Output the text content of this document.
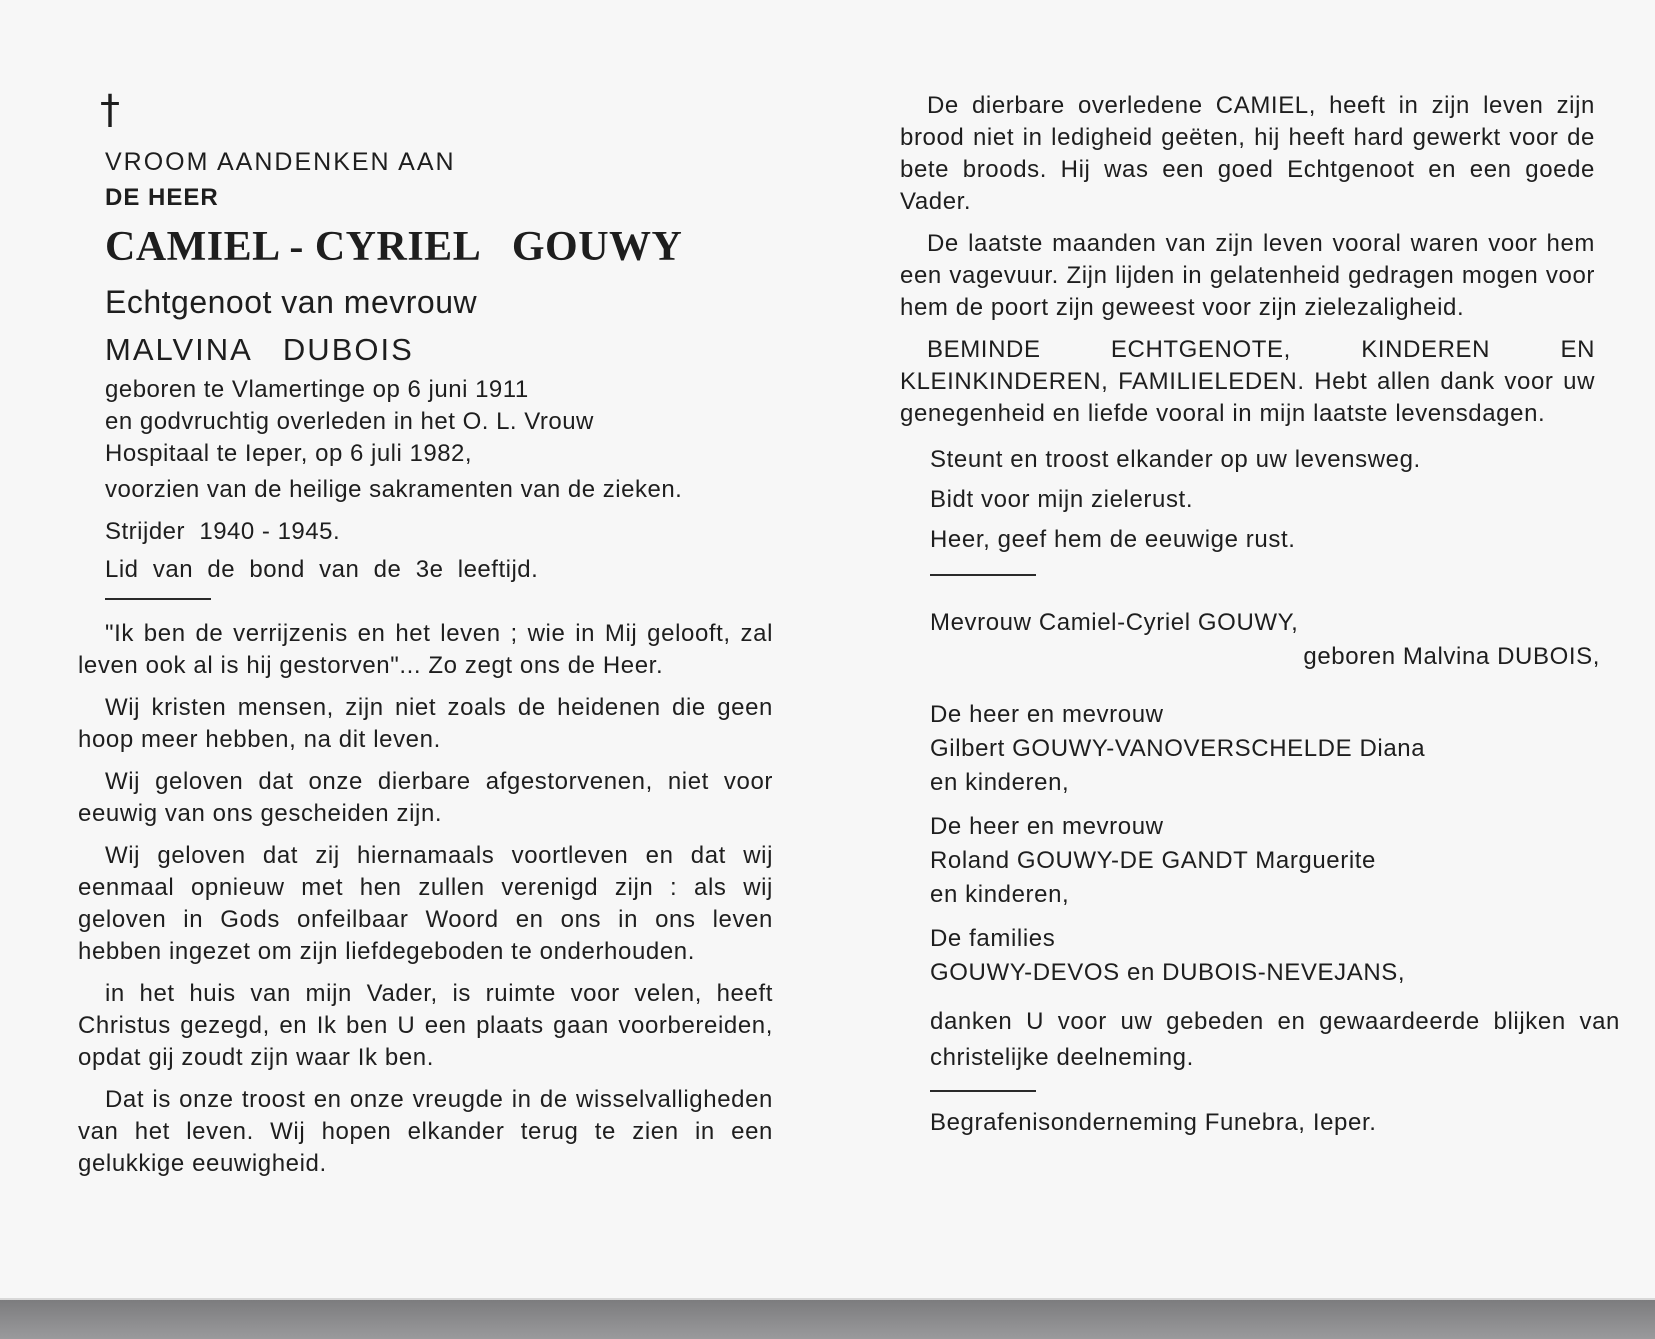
†
VROOM AANDENKEN AAN
DE HEER
CAMIEL - CYRIEL   GOUWY
Echtgenoot van mevrouw
MALVINA   DUBOIS
geboren te Vlamertinge op 6 juni 1911
en godvruchtig overleden in het O. L. Vrouw
Hospitaal te Ieper, op 6 juli 1982,
voorzien van de heilige sakramenten van de zieken.
Strijder  1940 - 1945.
Lid  van  de  bond  van  de  3e  leeftijd.
"Ik ben de verrijzenis en het leven ; wie in Mij gelooft, zal leven ook al is hij gestorven"... Zo zegt ons de Heer.
Wij kristen mensen, zijn niet zoals de heidenen die geen hoop meer hebben, na dit leven.
Wij geloven dat onze dierbare afgestorvenen, niet voor eeuwig van ons gescheiden zijn.
Wij geloven dat zij hiernamaals voortleven en dat wij eenmaal opnieuw met hen zullen verenigd zijn : als wij geloven in Gods onfeilbaar Woord en ons in ons leven hebben ingezet om zijn liefdegeboden te onderhouden.
in het huis van mijn Vader, is ruimte voor velen, heeft Christus gezegd, en Ik ben U een plaats gaan voorbereiden, opdat gij zoudt zijn waar Ik ben.
Dat is onze troost en onze vreugde in de wisselvalligheden van het leven. Wij hopen elkander terug te zien in een gelukkige eeuwigheid.
De dierbare overledene CAMIEL, heeft in zijn leven zijn brood niet in ledigheid geëten, hij heeft hard gewerkt voor de bete broods. Hij was een goed Echtgenoot en een goede Vader.
De laatste maanden van zijn leven vooral waren voor hem een vagevuur. Zijn lijden in gelatenheid gedragen mogen voor hem de poort zijn geweest voor zijn zielezaligheid.
BEMINDE ECHTGENOTE, KINDEREN EN KLEINKINDEREN, FAMILIELEDEN. Hebt allen dank voor uw genegenheid en liefde vooral in mijn laatste levensdagen.
Steunt en troost elkander op uw levensweg.
Bidt voor mijn zielerust.
Heer, geef hem de eeuwige rust.
Mevrouw Camiel-Cyriel GOUWY,
geboren Malvina DUBOIS,
De heer en mevrouw
Gilbert GOUWY-VANOVERSCHELDE Diana
en kinderen,
De heer en mevrouw
Roland GOUWY-DE GANDT Marguerite
en kinderen,
De families
GOUWY-DEVOS en DUBOIS-NEVEJANS,
danken U voor uw gebeden en gewaardeerde blijken van christelijke deelneming.
Begrafenisonderneming Funebra, Ieper.
